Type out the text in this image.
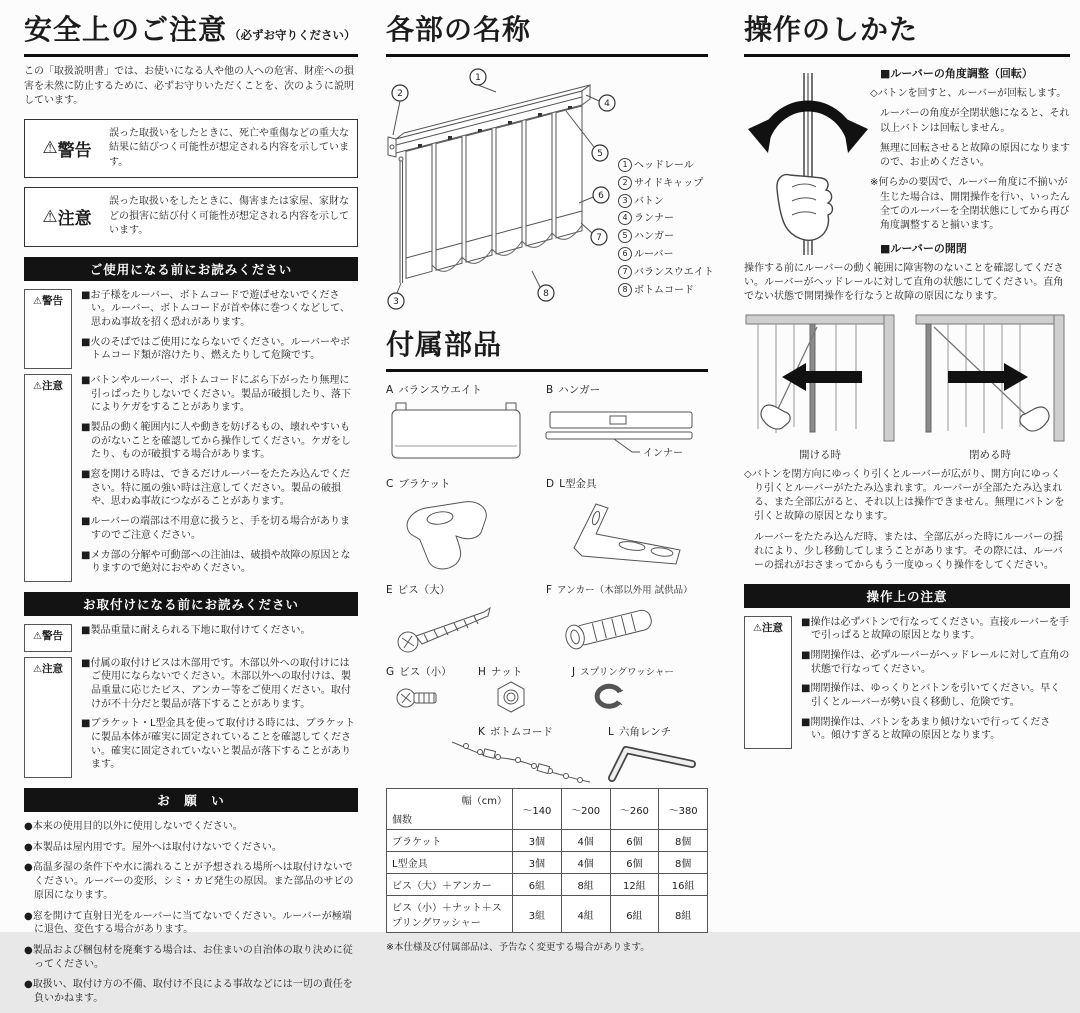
安全上のご注意 （必ずお守りください）
この「取扱説明書」では、お使いになる人や他の人への危害、財産への損害を未然に防止するために、必ずお守りいただくことを、次のように説明しています。
⚠ 警告
誤った取扱いをしたときに、死亡や重傷などの重大な結果に結びつく可能性が想定される内容を示しています。
⚠ 注意
誤った取扱いをしたときに、傷害または家屋、家財などの損害に結び付く可能性が想定される内容を示しています。
ご使用になる前にお読みください
⚠警告	■お子様をルーバー、ボトムコードで遊ばせないでください。ルーバー、ボトムコードが首や体に巻つくなどして、思わぬ事故を招く恐れがあります。
■火のそばではご使用にならないでください。ルーバーやボトムコード類が溶けたり、燃えたりして危険です。
⚠注意	■バトンやルーバー、ボトムコードにぶら下がったり無理に引っぱったりしないでください。製品が破損したり、落下によりケガをすることがあります。
■製品の動く範囲内に人や動きを妨げるもの、壊れやすいものがないことを確認してから操作してください。ケガをしたり、ものが破損する場合があります。
■窓を開ける時は、できるだけルーバーをたたみ込んでください。特に風の強い時は注意してください。製品の破損や、思わぬ事故につながることがあります。
■ルーバーの端部は不用意に扱うと、手を切る場合がありますのでご注意ください。
■メカ部の分解や可動部への注油は、破損や故障の原因となりますので絶対におやめください。
お取付けになる前にお読みください
⚠警告	■製品重量に耐えられる下地に取付けてください。
⚠注意	■付属の取付けビスは木部用です。木部以外への取付けにはご使用にならないでください。木部以外への取付けは、製品重量に応じたビス、アンカー等をご使用ください。取付けが不十分だと製品が落下することがあります。
■ブラケット・L型金具を使って取付ける時には、ブラケットに製品本体が確実に固定されていることを確認してください。確実に固定されていないと製品が落下することがあります。
お　願　い
●本来の使用目的以外に使用しないでください。
●本製品は屋内用です。屋外へは取付けないでください。
●高温多湿の条件下や水に濡れることが予想される場所へは取付けないでください。ルーバーの変形、シミ・カビ発生の原因。また部品のサビの原因になります。
●窓を開けて直射日光をルーバーに当てないでください。ルーバーが極端に退色、変色する場合があります。
●製品および梱包材を廃棄する場合は、お住まいの自治体の取り決めに従ってください。
●取扱い、取付け方の不備、取付け不良による事故などには一切の責任を負いかねます。
各部の名称
1
2
3
4
5
6
7
8
1 ヘッドレール
2 サイドキャップ
3 バトン
4 ランナー
5 ハンガー
6 ルーバー
7 バランスウエイト
8 ボトムコード
付属部品
A バランスウエイト	B ハンガー
インナー
C ブラケット	D L型金具
E ビス（大）	F アンカー（木部以外用 試供品）
G ビス（小）	H ナット	J スプリングワッシャー
K ボトムコード	L 六角レンチ
幅（cm）
個数	～140	～200	～260	～380
ブラケット	3個	4個	6個	8個
L型金具	3個	4個	6個	8個
ビス（大）＋アンカー	6組	8組	12組	16組
ビス（小）＋ナット＋スプリングワッシャー	3組	4組	6組	8組
※本仕様及び付属部品は、予告なく変更する場合があります。
操作のしかた
■ルーバーの角度調整（回転）
◇バトンを回すと、ルーバーが回転します。
ルーバーの角度が全閉状態になると、それ以上バトンは回転しません。
無理に回転させると故障の原因になりますので、お止めください。
※何らかの要因で、ルーバー角度に不揃いが生じた場合は、開閉操作を行い、いったん全てのルーバーを全閉状態にしてから再び角度調整すると揃います。
■ルーバーの開閉
操作する前にルーバーの動く範囲に障害物のないことを確認してください。ルーバーがヘッドレールに対して直角の状態にしてください。直角でない状態で開閉操作を行なうと故障の原因になります。
開ける時	閉める時
◇バトンを閉方向にゆっくり引くとルーバーが広がり、開方向にゆっくり引くとルーバーがたたみ込まれます。ルーバーが全部たたみ込まれる、また全部広がると、それ以上は操作できません。無理にバトンを引くと故障の原因となります。
ルーバーをたたみ込んだ時、または、全部広がった時にルーバーの揺れにより、少し移動してしまうことがあります。その際には、ルーバーの揺れがおさまってからもう一度ゆっくり操作をしてください。
操作上の注意
⚠注意	■操作は必ずバトンで行なってください。直接ルーバーを手で引っぱると故障の原因となります。
■開閉操作は、必ずルーバーがヘッドレールに対して直角の状態で行なってください。
■開閉操作は、ゆっくりとバトンを引いてください。早く引くとルーバーが勢い良く移動し、危険です。
■開閉操作は、バトンをあまり傾けないで行ってください。傾けすぎると故障の原因となります。
